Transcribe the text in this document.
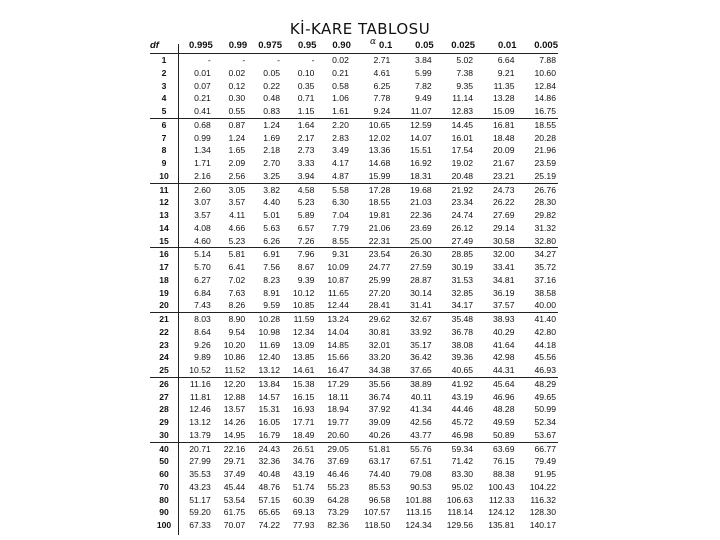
Kİ-KARE TABLOSU
α
df	0.995	0.99	0.975	0.95	0.90	0.1	0.05	0.025	0.01	0.005
1	-	-	-	-	0.02	2.71	3.84	5.02	6.64	7.88
2	0.01	0.02	0.05	0.10	0.21	4.61	5.99	7.38	9.21	10.60
3	0.07	0.12	0.22	0.35	0.58	6.25	7.82	9.35	11.35	12.84
4	0.21	0.30	0.48	0.71	1.06	7.78	9.49	11.14	13.28	14.86
5	0.41	0.55	0.83	1.15	1.61	9.24	11.07	12.83	15.09	16.75
6	0.68	0.87	1.24	1.64	2.20	10.65	12.59	14.45	16.81	18.55
7	0.99	1.24	1.69	2.17	2.83	12.02	14.07	16.01	18.48	20.28
8	1.34	1.65	2.18	2.73	3.49	13.36	15.51	17.54	20.09	21.96
9	1.71	2.09	2.70	3.33	4.17	14.68	16.92	19.02	21.67	23.59
10	2.16	2.56	3.25	3.94	4.87	15.99	18.31	20.48	23.21	25.19
11	2.60	3.05	3.82	4.58	5.58	17.28	19.68	21.92	24.73	26.76
12	3.07	3.57	4.40	5.23	6.30	18.55	21.03	23.34	26.22	28.30
13	3.57	4.11	5.01	5.89	7.04	19.81	22.36	24.74	27.69	29.82
14	4.08	4.66	5.63	6.57	7.79	21.06	23.69	26.12	29.14	31.32
15	4.60	5.23	6.26	7.26	8.55	22.31	25.00	27.49	30.58	32.80
16	5.14	5.81	6.91	7.96	9.31	23.54	26.30	28.85	32.00	34.27
17	5.70	6.41	7.56	8.67	10.09	24.77	27.59	30.19	33.41	35.72
18	6.27	7.02	8.23	9.39	10.87	25.99	28.87	31.53	34.81	37.16
19	6.84	7.63	8.91	10.12	11.65	27.20	30.14	32.85	36.19	38.58
20	7.43	8.26	9.59	10.85	12.44	28.41	31.41	34.17	37.57	40.00
21	8.03	8.90	10.28	11.59	13.24	29.62	32.67	35.48	38.93	41.40
22	8.64	9.54	10.98	12.34	14.04	30.81	33.92	36.78	40.29	42.80
23	9.26	10.20	11.69	13.09	14.85	32.01	35.17	38.08	41.64	44.18
24	9.89	10.86	12.40	13.85	15.66	33.20	36.42	39.36	42.98	45.56
25	10.52	11.52	13.12	14.61	16.47	34.38	37.65	40.65	44.31	46.93
26	11.16	12.20	13.84	15.38	17.29	35.56	38.89	41.92	45.64	48.29
27	11.81	12.88	14.57	16.15	18.11	36.74	40.11	43.19	46.96	49.65
28	12.46	13.57	15.31	16.93	18.94	37.92	41.34	44.46	48.28	50.99
29	13.12	14.26	16.05	17.71	19.77	39.09	42.56	45.72	49.59	52.34
30	13.79	14.95	16.79	18.49	20.60	40.26	43.77	46.98	50.89	53.67
40	20.71	22.16	24.43	26.51	29.05	51.81	55.76	59.34	63.69	66.77
50	27.99	29.71	32.36	34.76	37.69	63.17	67.51	71.42	76.15	79.49
60	35.53	37.49	40.48	43.19	46.46	74.40	79.08	83.30	88.38	91.95
70	43.23	45.44	48.76	51.74	55.23	85.53	90.53	95.02	100.43	104.22
80	51.17	53.54	57.15	60.39	64.28	96.58	101.88	106.63	112.33	116.32
90	59.20	61.75	65.65	69.13	73.29	107.57	113.15	118.14	124.12	128.30
100	67.33	70.07	74.22	77.93	82.36	118.50	124.34	129.56	135.81	140.17
